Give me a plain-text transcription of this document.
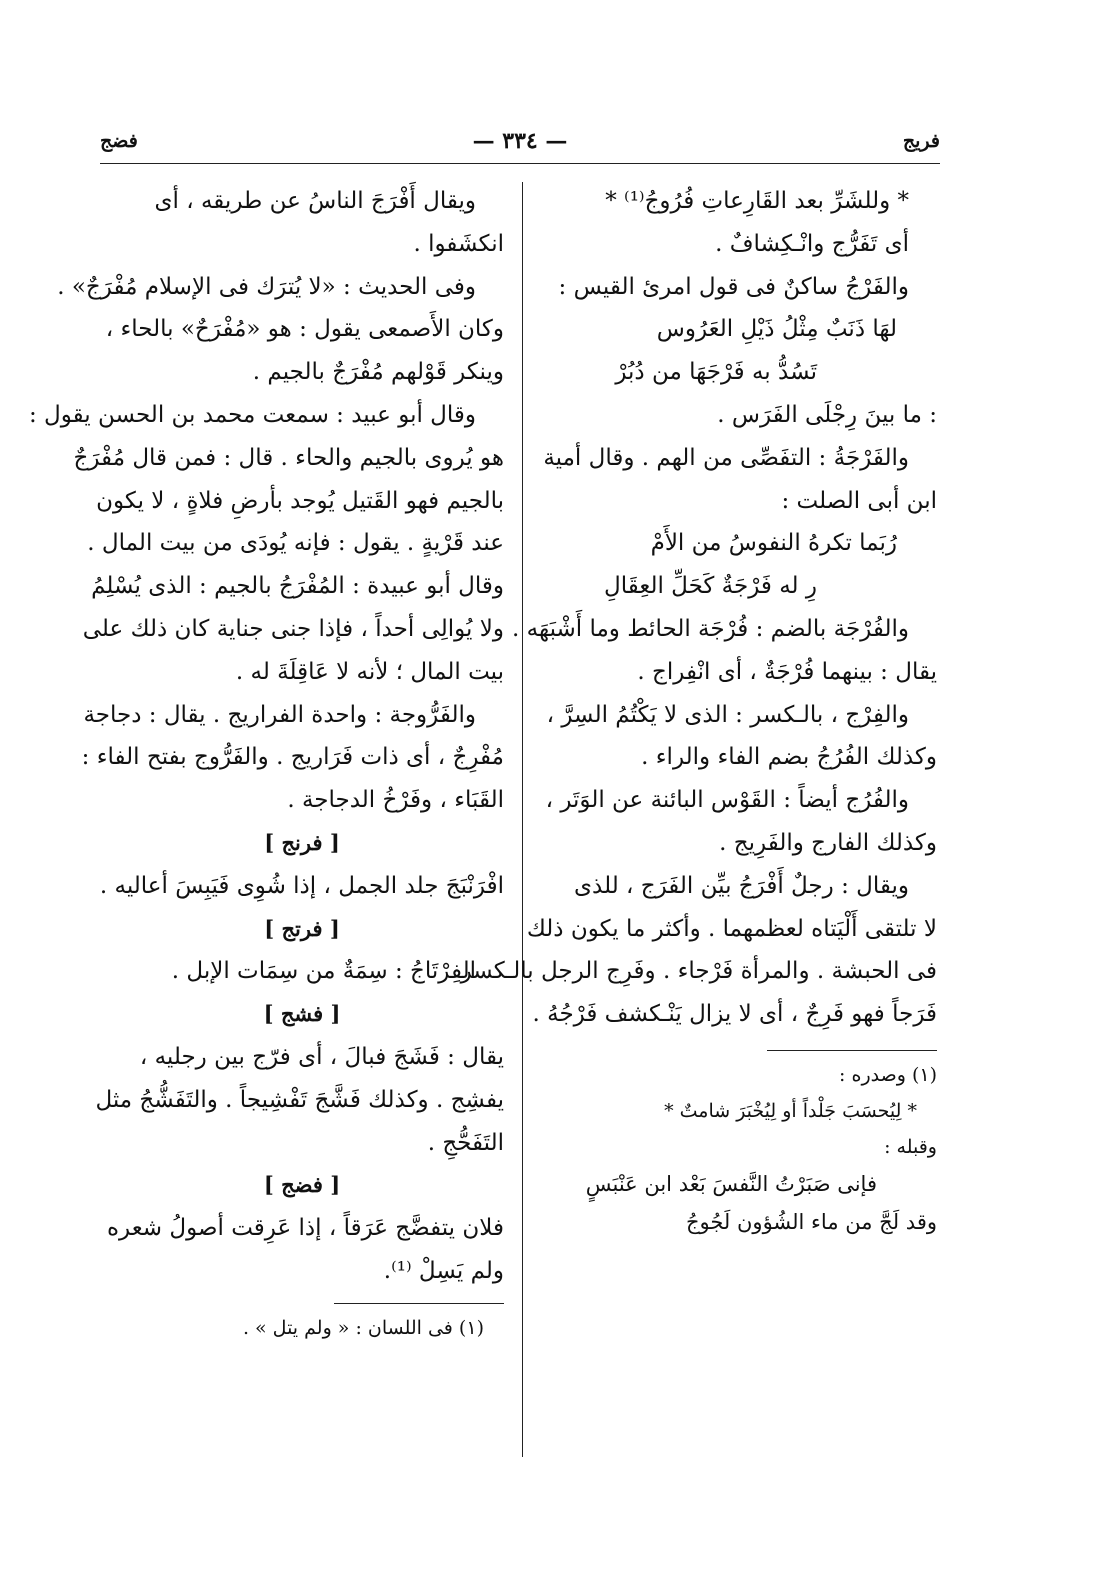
فريج
— ٣٣٤ —
فضج
* وللشَرِّ بعد القَارِعاتِ فُرُوجُ⁽¹⁾ *
أى تَفَرُّج وانْـكِشافٌ .
والفَرْجُ ساكنٌ فى قول امرئ القيس :
لهَا ذَنَبٌ مِثْلُ ذَيْلِ العَرُوس
تَسُدُّ به فَرْجَهَا من دُبُرْ
: ما بينَ رِجْلَى الفَرَس .
والفَرْجَةُ : التفَصِّى من الهم . وقال أمية
ابن أبى الصلت :
رُبَما تكرهُ النفوسُ من الأَمْ
رِ له فَرْجَةٌ كَحَلِّ العِقَالِ
والفُرْجَة بالضم : فُرْجَة الحائط وما أَشْبَهَه .
يقال : بينهما فُرْجَةٌ ، أى انْفِراج .
والفِرْج ، بالـكسر : الذى لا يَكْتُمُ السِرَّ ،
وكذلك الفُرُجُ بضم الفاء والراء .
والفُرُج أيضاً : القَوْس البائنة عن الوَتَر ،
وكذلك الفارج والفَرِيج .
ويقال : رجلٌ أَفْرَجُ بيِّن الفَرَج ، للذى
لا تلتقى أَلْيَتاه لعظمهما . وأكثر ما يكون ذلك
فى الحبشة . والمرأة فَرْجاء . وفَرِج الرجل بالـكسر
فَرَجاً فهو فَرِجٌ ، أى لا يزال يَنْـكشف فَرْجُهُ .
(١) وصدره :
* لِيُحسَبَ جَلْداً أو لِيُخْبَرَ شامتٌ *
وقبله :
فإنى صَبَرْتُ النَّفسَ بَعْد ابن عَنْبَسٍ
وقد لَجَّ من ماء الشُؤون لَجُوجُ
ويقال أَفْرَجَ الناسُ عن طريقه ، أى
انكشَفوا .
وفى الحديث : «لا يُترَك فى الإسلام مُفْرَجٌ» .
وكان الأَصمعى يقول : هو «مُفْرَحٌ» بالحاء ،
وينكر قَوْلهم مُفْرَجٌ بالجيم .
وقال أبو عبيد : سمعت محمد بن الحسن يقول :
هو يُروى بالجيم والحاء . قال : فمن قال مُفْرَجٌ
بالجيم فهو القَتيل يُوجد بأرضِ فلاةٍ ، لا يكون
عند قَرْيةٍ . يقول : فإنه يُودَى من بيت المال .
وقال أبو عبيدة : المُفْرَجُ بالجيم : الذى يُسْلِمُ
ولا يُوالِى أحداً ، فإذا جنى جناية كان ذلك على
بيت المال ؛ لأنه لا عَاقِلَةَ له .
والفَرُّوجة : واحدة الفراريج . يقال : دجاجة
مُفْرِجٌ ، أى ذات فَرَاريج . والفَرُّوج بفتح الفاء :
القَبَاء ، وفَرْخُ الدجاجة .
[ فرنج ]
افْرَنْبَجَ جلد الجمل ، إذا شُوِى فَيَبِسَ أعاليه .
[ فرتج ]
الفِرْتَاجُ : سِمَةٌ من سِمَات الإبل .
[ فشج ]
يقال : فَشَجَ فبالَ ، أى فرّج بين رجليه ،
يفشِج . وكذلك فَشَّجَ تَفْشِيجاً . والتَفَشُّجُ مثل
التَفَحُّجِ .
[ فضج ]
فلان يتفضَّج عَرَقاً ، إذا عَرِقت أصولُ شعره
ولم يَسِلْ ⁽¹⁾.
(١) فى اللسان : « ولم يتل » .
